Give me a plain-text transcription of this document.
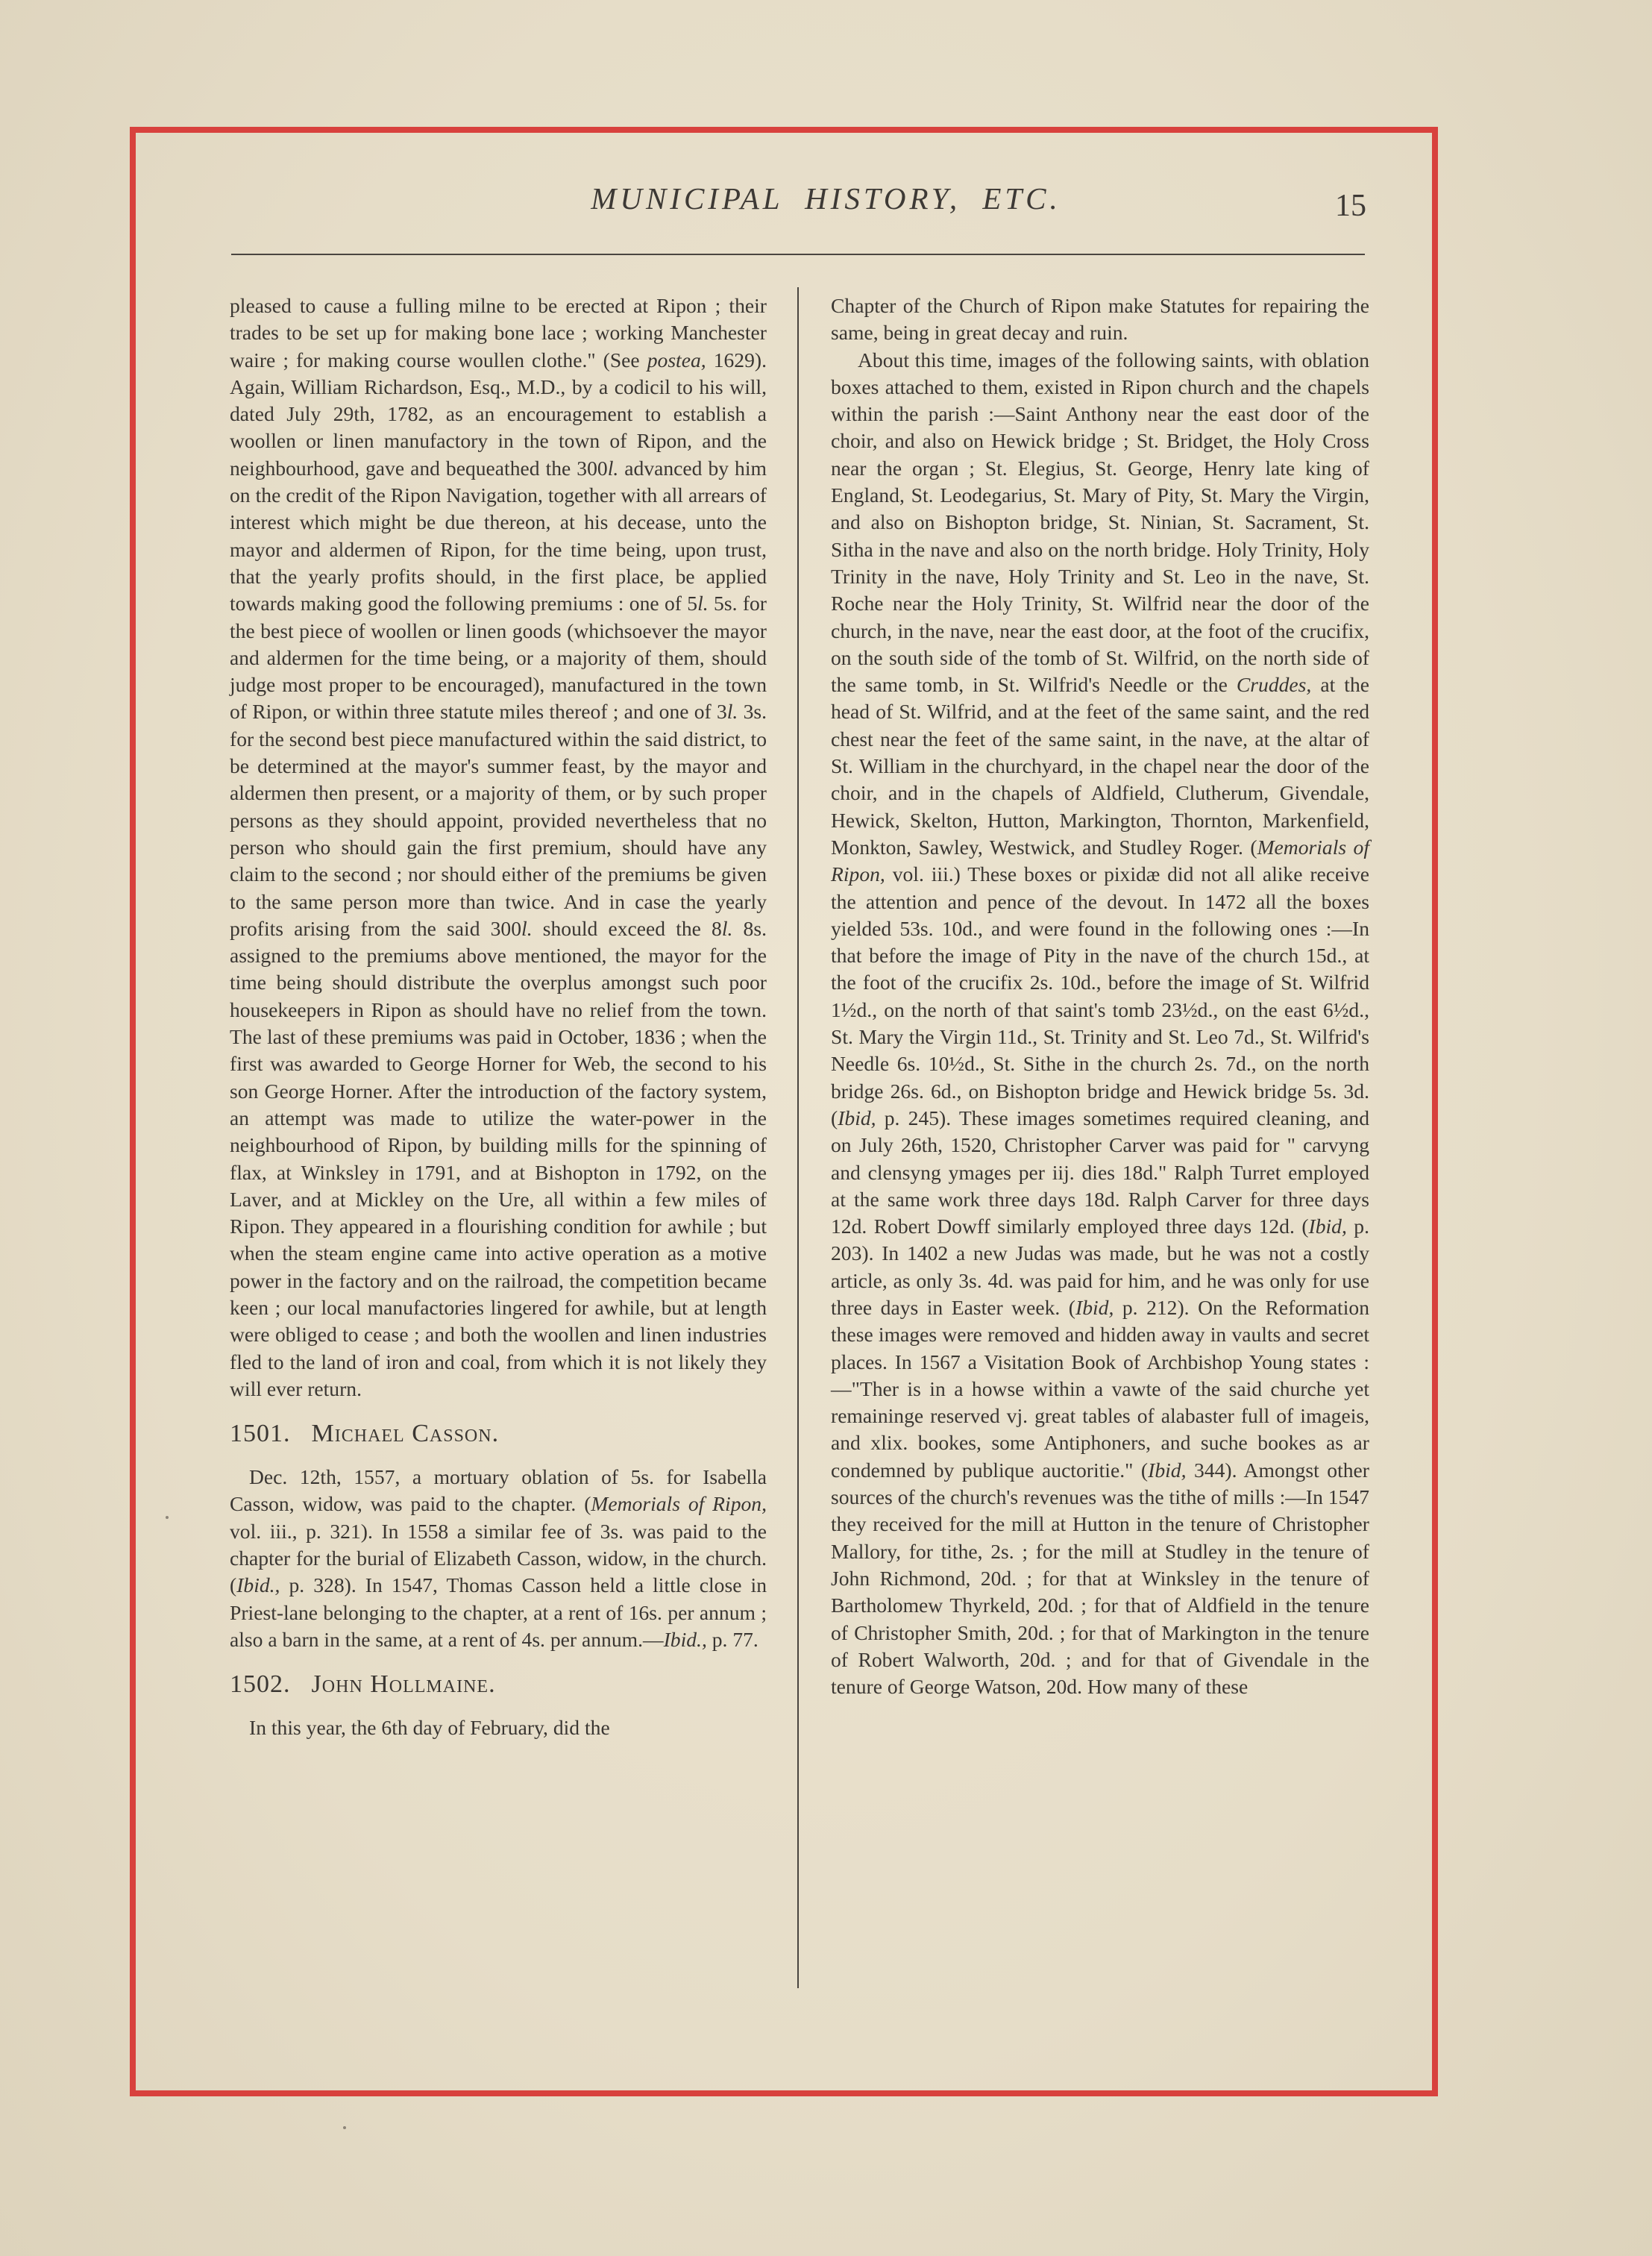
MUNICIPAL HISTORY, ETC.	15

pleased to cause a fulling milne to be erected at Ripon ; their trades to be set up for making bone lace ; working Manchester waire ; for making course woullen clothe." (See postea, 1629). Again, William Richardson, Esq., M.D., by a codicil to his will, dated July 29th, 1782, as an encouragement to establish a woollen or linen manufactory in the town of Ripon, and the neighbourhood, gave and bequeathed the 300l. advanced by him on the credit of the Ripon Navigation, together with all arrears of interest which might be due thereon, at his decease, unto the mayor and aldermen of Ripon, for the time being, upon trust, that the yearly profits should, in the first place, be applied towards making good the following premiums : one of 5l. 5s. for the best piece of woollen or linen goods (whichsoever the mayor and aldermen for the time being, or a majority of them, should judge most proper to be encouraged), manufactured in the town of Ripon, or within three statute miles thereof ; and one of 3l. 3s. for the second best piece manufactured within the said district, to be determined at the mayor's summer feast, by the mayor and aldermen then present, or a majority of them, or by such proper persons as they should appoint, provided nevertheless that no person who should gain the first premium, should have any claim to the second ; nor should either of the premiums be given to the same person more than twice. And in case the yearly profits arising from the said 300l. should exceed the 8l. 8s. assigned to the premiums above mentioned, the mayor for the time being should distribute the overplus amongst such poor housekeepers in Ripon as should have no relief from the town. The last of these premiums was paid in October, 1836 ; when the first was awarded to George Horner for Web, the second to his son George Horner. After the introduction of the factory system, an attempt was made to utilize the water-power in the neighbourhood of Ripon, by building mills for the spinning of flax, at Winksley in 1791, and at Bishopton in 1792, on the Laver, and at Mickley on the Ure, all within a few miles of Ripon. They appeared in a flourishing condition for awhile ; but when the steam engine came into active operation as a motive power in the factory and on the railroad, the competition became keen ; our local manufactories lingered for awhile, but at length were obliged to cease ; and both the woollen and linen industries fled to the land of iron and coal, from which it is not likely they will ever return.

1501. Michael Casson.

Dec. 12th, 1557, a mortuary oblation of 5s. for Isabella Casson, widow, was paid to the chapter. (Memorials of Ripon, vol. iii., p. 321). In 1558 a similar fee of 3s. was paid to the chapter for the burial of Elizabeth Casson, widow, in the church. (Ibid., p. 328). In 1547, Thomas Casson held a little close in Priest-lane belonging to the chapter, at a rent of 16s. per annum ; also a barn in the same, at a rent of 4s. per annum.—Ibid., p. 77.

1502. John Hollmaine.

In this year, the 6th day of February, did the

Chapter of the Church of Ripon make Statutes for repairing the same, being in great decay and ruin.

About this time, images of the following saints, with oblation boxes attached to them, existed in Ripon church and the chapels within the parish :—Saint Anthony near the east door of the choir, and also on Hewick bridge ; St. Bridget, the Holy Cross near the organ ; St. Elegius, St. George, Henry late king of England, St. Leodegarius, St. Mary of Pity, St. Mary the Virgin, and also on Bishopton bridge, St. Ninian, St. Sacrament, St. Sitha in the nave and also on the north bridge. Holy Trinity, Holy Trinity in the nave, Holy Trinity and St. Leo in the nave, St. Roche near the Holy Trinity, St. Wilfrid near the door of the church, in the nave, near the east door, at the foot of the crucifix, on the south side of the tomb of St. Wilfrid, on the north side of the same tomb, in St. Wilfrid's Needle or the Cruddes, at the head of St. Wilfrid, and at the feet of the same saint, and the red chest near the feet of the same saint, in the nave, at the altar of St. William in the churchyard, in the chapel near the door of the choir, and in the chapels of Aldfield, Clutherum, Givendale, Hewick, Skelton, Hutton, Markington, Thornton, Markenfield, Monkton, Sawley, Westwick, and Studley Roger. (Memorials of Ripon, vol. iii.) These boxes or pixidæ did not all alike receive the attention and pence of the devout. In 1472 all the boxes yielded 53s. 10d., and were found in the following ones :—In that before the image of Pity in the nave of the church 15d., at the foot of the crucifix 2s. 10d., before the image of St. Wilfrid 1½d., on the north of that saint's tomb 23½d., on the east 6½d., St. Mary the Virgin 11d., St. Trinity and St. Leo 7d., St. Wilfrid's Needle 6s. 10½d., St. Sithe in the church 2s. 7d., on the north bridge 26s. 6d., on Bishopton bridge and Hewick bridge 5s. 3d. (Ibid, p. 245). These images sometimes required cleaning, and on July 26th, 1520, Christopher Carver was paid for " carvyng and clensyng ymages per iij. dies 18d." Ralph Turret employed at the same work three days 18d. Ralph Carver for three days 12d. Robert Dowff similarly employed three days 12d. (Ibid, p. 203). In 1402 a new Judas was made, but he was not a costly article, as only 3s. 4d. was paid for him, and he was only for use three days in Easter week. (Ibid, p. 212). On the Reformation these images were removed and hidden away in vaults and secret places. In 1567 a Visitation Book of Archbishop Young states :—"Ther is in a howse within a vawte of the said churche yet remaininge reserved vj. great tables of alabaster full of imageis, and xlix. bookes, some Antiphoners, and suche bookes as ar condemned by publique auctoritie." (Ibid, 344). Amongst other sources of the church's revenues was the tithe of mills :—In 1547 they received for the mill at Hutton in the tenure of Christopher Mallory, for tithe, 2s. ; for the mill at Studley in the tenure of John Richmond, 20d. ; for that at Winksley in the tenure of Bartholomew Thyrkeld, 20d. ; for that of Aldfield in the tenure of Christopher Smith, 20d. ; for that of Markington in the tenure of Robert Walworth, 20d. ; and for that of Givendale in the tenure of George Watson, 20d. How many of these
